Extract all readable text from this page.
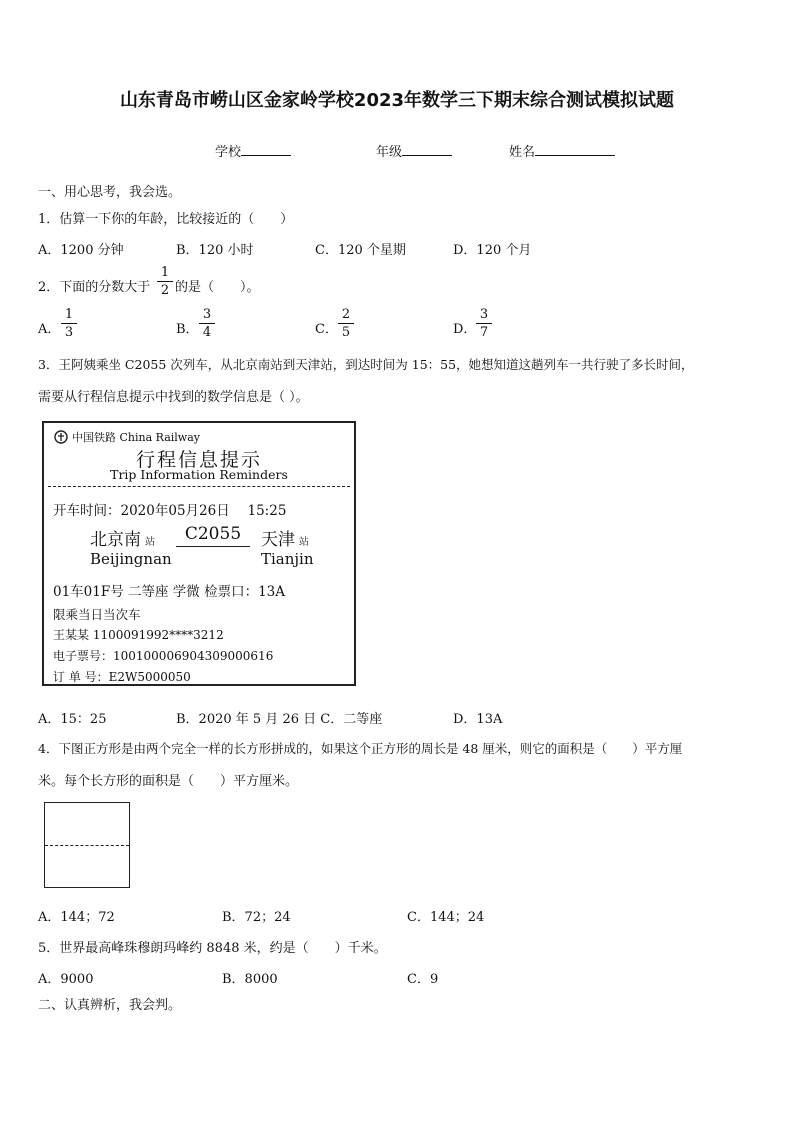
山东青岛市崂山区金家岭学校2023年数学三下期末综合测试模拟试题
学校	年级	姓名
一、用心思考，我会选。
1．估算一下你的年龄，比较接近的（　　）
A．1200 分钟	B．120 小时	C．120 个星期	D．120 个月
2．下面的分数大于
1
2 的是（　　）。
A．
1
3	B．
3
4	C．
2
5	D．
3
7
3．王阿姨乘坐 C2055 次列车，从北京南站到天津站，到达时间为 15：55，她想知道这趟列车一共行驶了多长时间，
需要从行程信息提示中找到的数学信息是（ ）。
中国铁路 China Railway
行程信息提示
Trip Information Reminders
开车时间：2020年05月26日　 15:25
北京南 站
Beijingnan
C2055	天津 站
Tianjin
01车01F号 二等座 学微 检票口：13A
限乘当日当次车
王某某 1100091992****3212
电子票号：100100006904309000616
订 单 号：E2W5000050
A．15：25	B．2020 年 5 月 26 日 C．二等座	D．13A
4．下图正方形是由两个完全一样的长方形拼成的，如果这个正方形的周长是 48 厘米，则它的面积是（　　）平方厘
米。每个长方形的面积是（　　）平方厘米。
A．144；72	B．72；24	C．144；24
5．世界最高峰珠穆朗玛峰约 8848 米，约是（　　）千米。
A．9000	B．8000	C．9
二、认真辨析，我会判。
